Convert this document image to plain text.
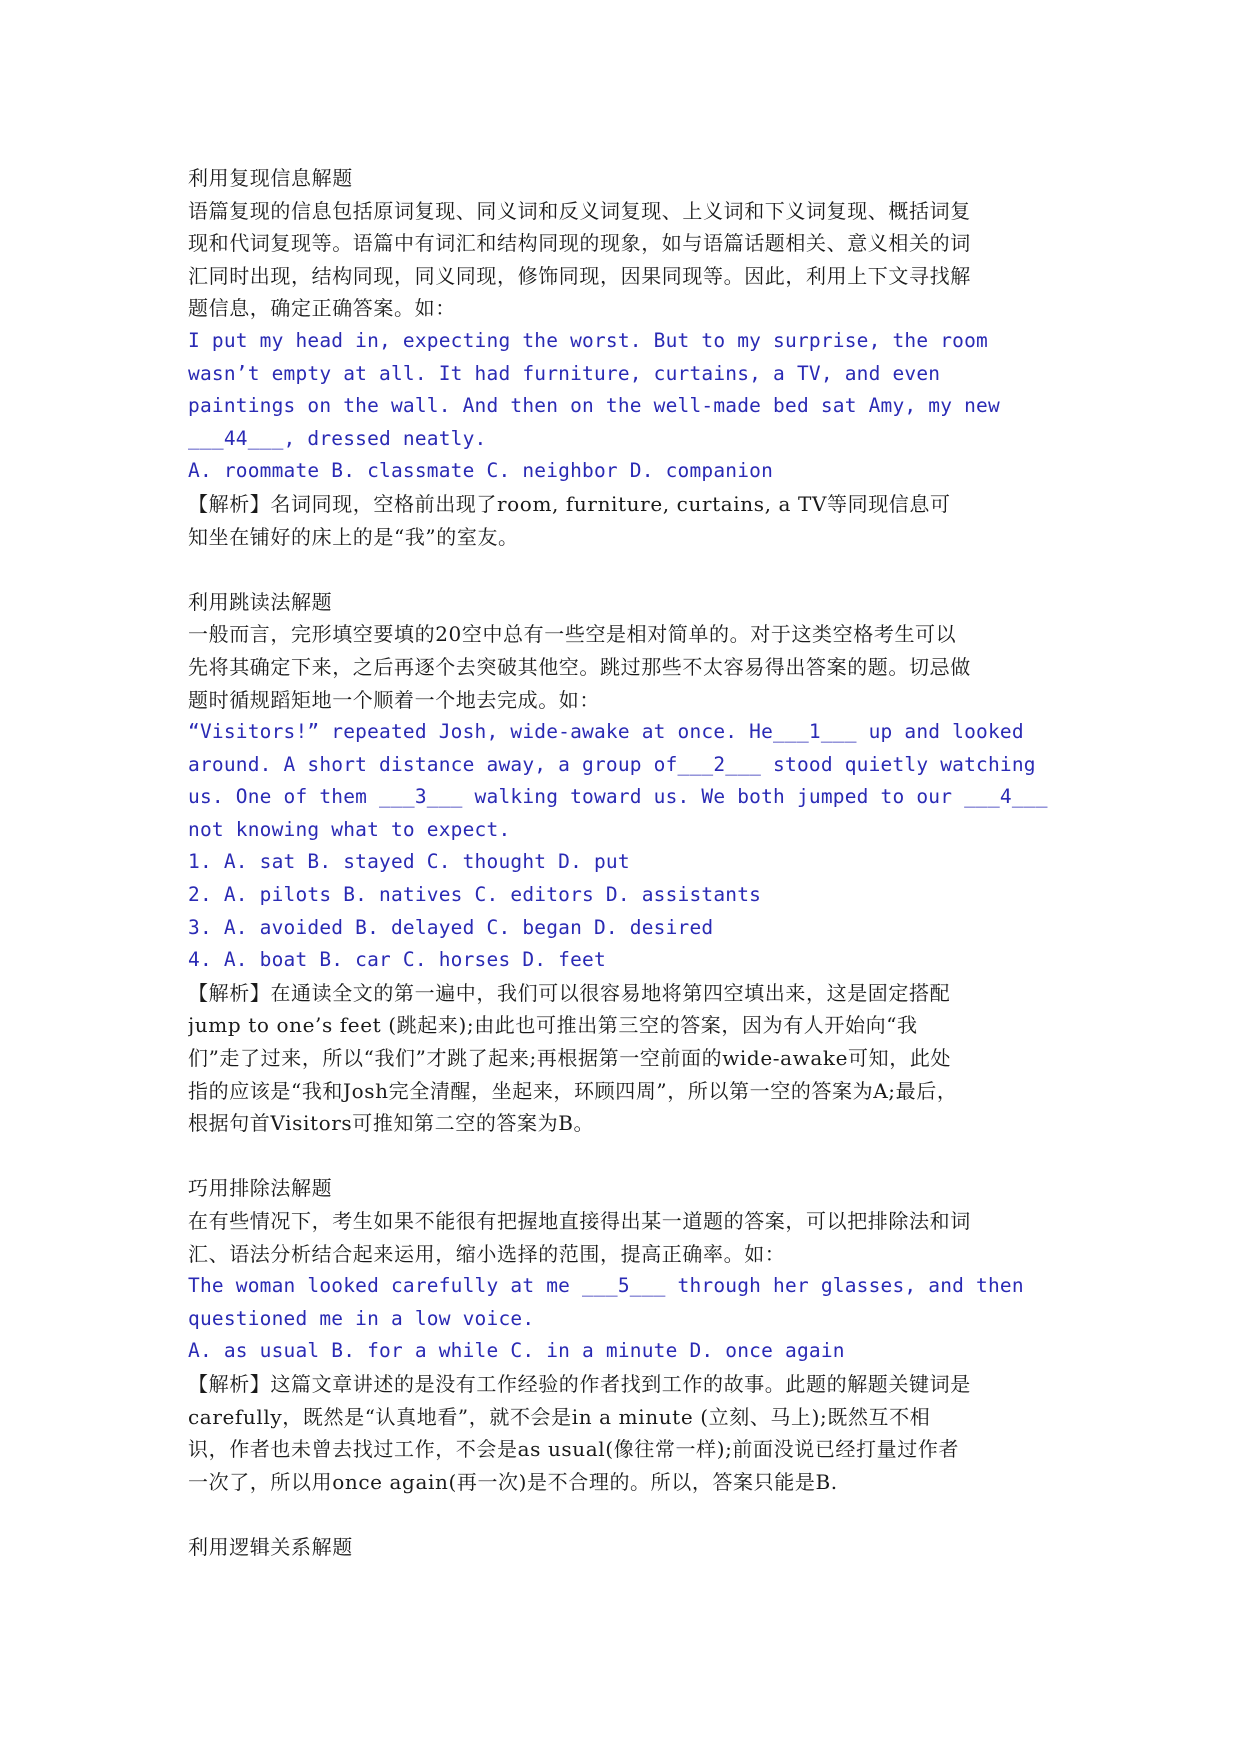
利用复现信息解题
语篇复现的信息包括原词复现、同义词和反义词复现、上义词和下义词复现、概括词复
现和代词复现等。语篇中有词汇和结构同现的现象，如与语篇话题相关、意义相关的词
汇同时出现，结构同现，同义同现，修饰同现，因果同现等。因此，利用上下文寻找解
题信息，确定正确答案。如：
I put my head in, expecting the worst. But to my surprise, the room
wasn’t empty at all. It had furniture, curtains, a TV, and even
paintings on the wall. And then on the well-made bed sat Amy, my new
___44___, dressed neatly.
A. roommate B. classmate C. neighbor D. companion
【解析】名词同现，空格前出现了room, furniture, curtains, a TV等同现信息可
知坐在铺好的床上的是“我”的室友。
利用跳读法解题
一般而言，完形填空要填的20空中总有一些空是相对简单的。对于这类空格考生可以
先将其确定下来，之后再逐个去突破其他空。跳过那些不太容易得出答案的题。切忌做
题时循规蹈矩地一个顺着一个地去完成。如：
“Visitors!” repeated Josh, wide-awake at once. He___1___ up and looked
around. A short distance away, a group of___2___ stood quietly watching
us. One of them ___3___ walking toward us. We both jumped to our ___4___
not knowing what to expect.
1. A. sat B. stayed C. thought D. put
2. A. pilots B. natives C. editors D. assistants
3. A. avoided B. delayed C. began D. desired
4. A. boat B. car C. horses D. feet
【解析】在通读全文的第一遍中，我们可以很容易地将第四空填出来，这是固定搭配
jump to one’s feet (跳起来);由此也可推出第三空的答案，因为有人开始向“我
们”走了过来，所以“我们”才跳了起来;再根据第一空前面的wide-awake可知，此处
指的应该是“我和Josh完全清醒，坐起来，环顾四周”，所以第一空的答案为A;最后，
根据句首Visitors可推知第二空的答案为B。
巧用排除法解题
在有些情况下，考生如果不能很有把握地直接得出某一道题的答案，可以把排除法和词
汇、语法分析结合起来运用，缩小选择的范围，提高正确率。如：
The woman looked carefully at me ___5___ through her glasses, and then
questioned me in a low voice.
A. as usual B. for a while C. in a minute D. once again
【解析】这篇文章讲述的是没有工作经验的作者找到工作的故事。此题的解题关键词是
carefully，既然是“认真地看”，就不会是in a minute (立刻、马上);既然互不相
识，作者也未曾去找过工作，不会是as usual(像往常一样);前面没说已经打量过作者
一次了，所以用once again(再一次)是不合理的。所以，答案只能是B.
利用逻辑关系解题
